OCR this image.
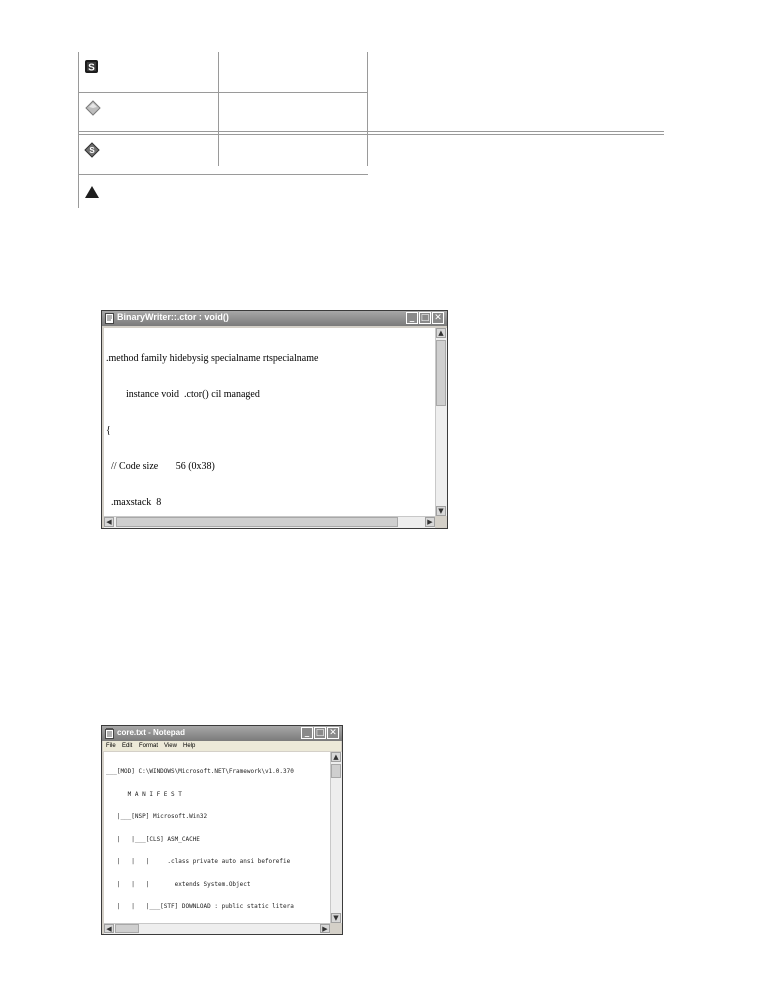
S
S
BinaryWriter::.ctor : void()	_ □ ✕

.method family hidebysig specialname rtspecialname

instance void  .ctor() cil managed

{

// Code size       56 (0x38)

.maxstack  8

▲
▼
◀	▶
core.txt - Notepad	_ □ ✕
File Edit Format View Help

___[MOD] C:\WINDOWS\Microsoft.NET\Framework\v1.0.370

M A N I F E S T

|___[NSP] Microsoft.Win32

|   |___[CLS] ASM_CACHE

|   |   |     .class private auto ansi beforefie

|   |   |       extends System.Object

|   |   |___[STF] DOWNLOAD : public static litera

▲
▼
◀	▶
